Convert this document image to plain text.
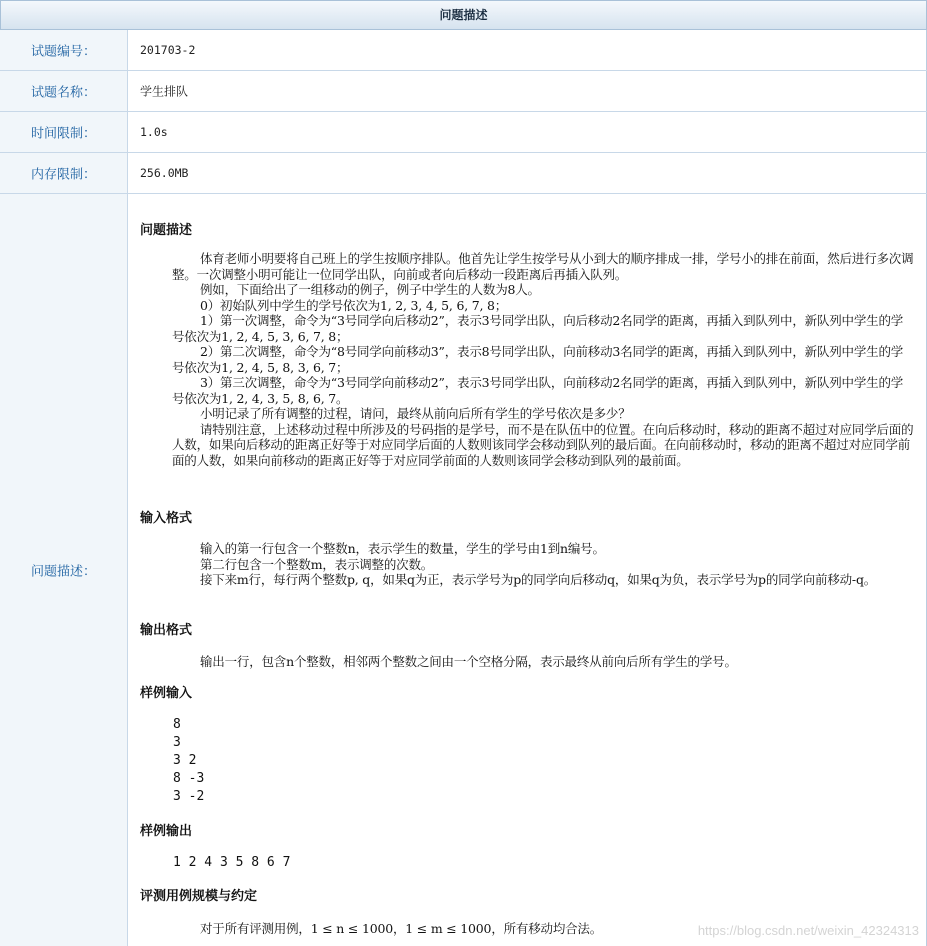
问题描述
试题编号：	201703-2
试题名称：	学生排队
时间限制：	1.0s
内存限制：	256.0MB
问题描述：
问题描述

体育老师小明要将自己班上的学生按顺序排队。他首先让学生按学号从小到大的顺序排成一排，学号小的排在前面，然后进行多次调整。一次调整小明可能让一位同学出队，向前或者向后移动一段距离后再插入队列。

例如，下面给出了一组移动的例子，例子中学生的人数为8人。

0）初始队列中学生的学号依次为1, 2, 3, 4, 5, 6, 7, 8；

1）第一次调整，命令为“3号同学向后移动2”，表示3号同学出队，向后移动2名同学的距离，再插入到队列中，新队列中学生的学号依次为1, 2, 4, 5, 3, 6, 7, 8；

2）第二次调整，命令为“8号同学向前移动3”，表示8号同学出队，向前移动3名同学的距离，再插入到队列中，新队列中学生的学号依次为1, 2, 4, 5, 8, 3, 6, 7；

3）第三次调整，命令为“3号同学向前移动2”，表示3号同学出队，向前移动2名同学的距离，再插入到队列中，新队列中学生的学号依次为1, 2, 4, 3, 5, 8, 6, 7。

小明记录了所有调整的过程，请问，最终从前向后所有学生的学号依次是多少？

请特别注意，上述移动过程中所涉及的号码指的是学号，而不是在队伍中的位置。在向后移动时，移动的距离不超过对应同学后面的人数，如果向后移动的距离正好等于对应同学后面的人数则该同学会移动到队列的最后面。在向前移动时，移动的距离不超过对应同学前面的人数，如果向前移动的距离正好等于对应同学前面的人数则该同学会移动到队列的最前面。

输入格式

输入的第一行包含一个整数n，表示学生的数量，学生的学号由1到n编号。

第二行包含一个整数m，表示调整的次数。

接下来m行，每行两个整数p, q，如果q为正，表示学号为p的同学向后移动q，如果q为负，表示学号为p的同学向前移动-q。

输出格式

输出一行，包含n个整数，相邻两个整数之间由一个空格分隔，表示最终从前向后所有学生的学号。

样例输入
8
3
3 2
8 -3
3 -2
样例输出
1 2 4 3 5 8 6 7
评测用例规模与约定

对于所有评测用例，1 ≤ n ≤ 1000，1 ≤ m ≤ 1000，所有移动均合法。	https://blog.csdn.net/weixin_42324313
